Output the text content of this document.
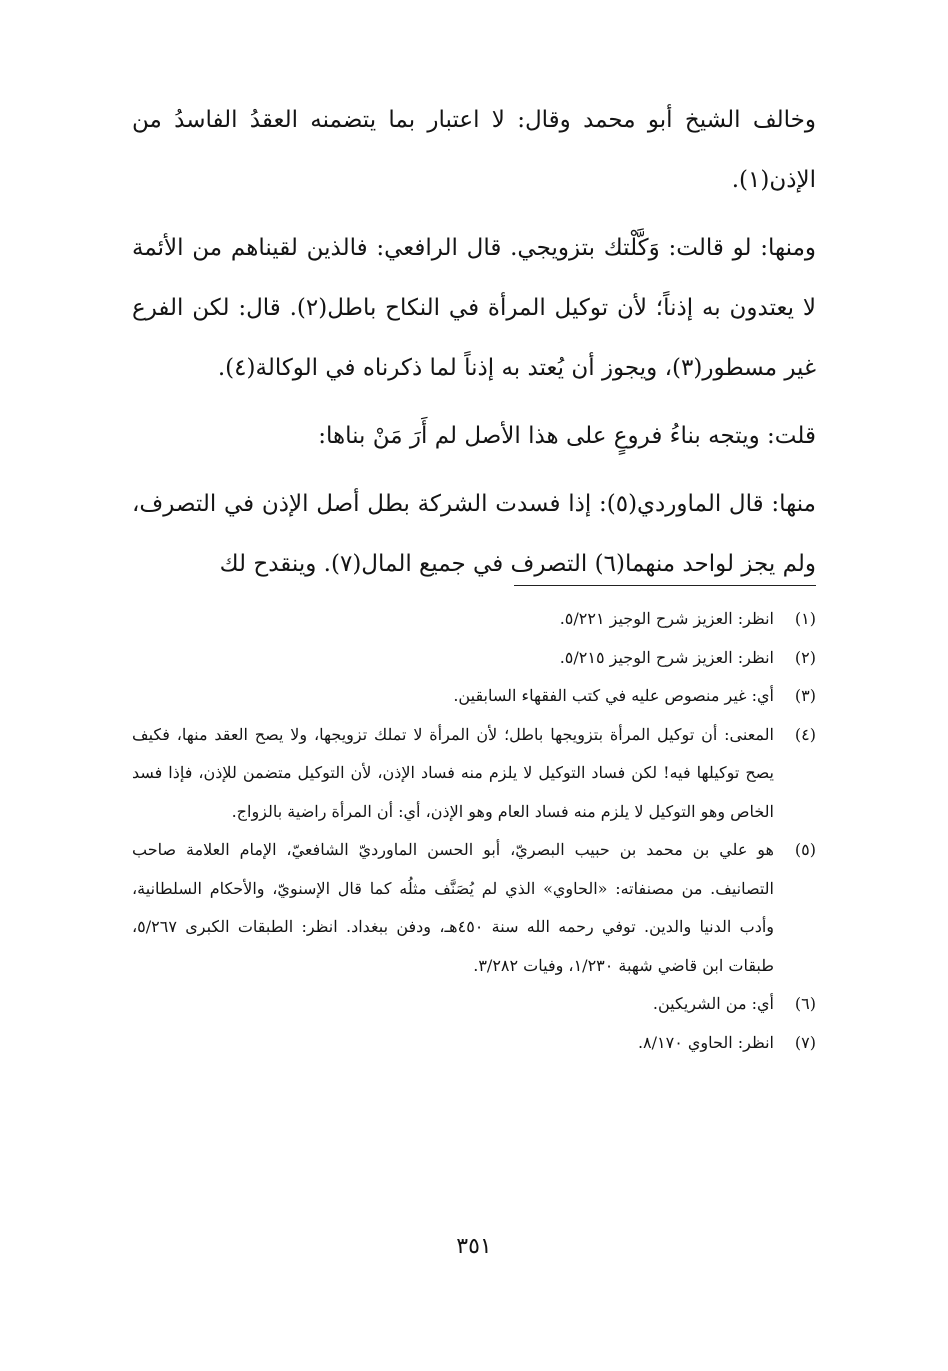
وخالف الشيخ أبو محمد وقال: لا اعتبار بما يتضمنه العقدُ الفاسدُ من الإذن(١).

ومنها: لو قالت: وَكَّلْتك بتزويجي. قال الرافعي: فالذين لقيناهم من الأئمة لا يعتدون به إذناً؛ لأن توكيل المرأة في النكاح باطل(٢). قال: لكن الفرع غير مسطور(٣)، ويجوز أن يُعتد به إذناً لما ذكرناه في الوكالة(٤).

قلت: ويتجه بناءُ فروعٍ على هذا الأصل لم أَرَ مَنْ بناها:

منها: قال الماوردي(٥): إذا فسدت الشركة بطل أصل الإذن في التصرف، ولم يجز لواحد منهما(٦) التصرف في جميع المال(٧). وينقدح لك

(١)
انظر: العزيز شرح الوجيز ٥/٢٢١.
(٢)
انظر: العزيز شرح الوجيز ٥/٢١٥.
(٣)
أي: غير منصوص عليه في كتب الفقهاء السابقين.
(٤)
المعنى: أن توكيل المرأة بتزويجها باطل؛ لأن المرأة لا تملك تزويجها، ولا يصح العقد منها، فكيف يصح توكيلها فيه! لكن فساد التوكيل لا يلزم منه فساد الإذن، لأن التوكيل متضمن للإذن، فإذا فسد الخاص وهو التوكيل لا يلزم منه فساد العام وهو الإذن، أي: أن المرأة راضية بالزواج.
(٥)
هو علي بن محمد بن حبيب البصريّ، أبو الحسن الماورديّ الشافعيّ، الإمام العلامة صاحب التصانيف. من مصنفاته: «الحاوي» الذي لم يُصَنَّف مثلُه كما قال الإسنويّ، والأحكام السلطانية، وأدب الدنيا والدين. توفي رحمه الله سنة ٤٥٠هـ، ودفن ببغداد. انظر: الطبقات الكبرى ٥/٢٦٧، طبقات ابن قاضي شهبة ١/٢٣٠، وفيات ٣/٢٨٢.
(٦)
أي: من الشريكين.
(٧)
انظر: الحاوي ٨/١٧٠.
٣٥١
